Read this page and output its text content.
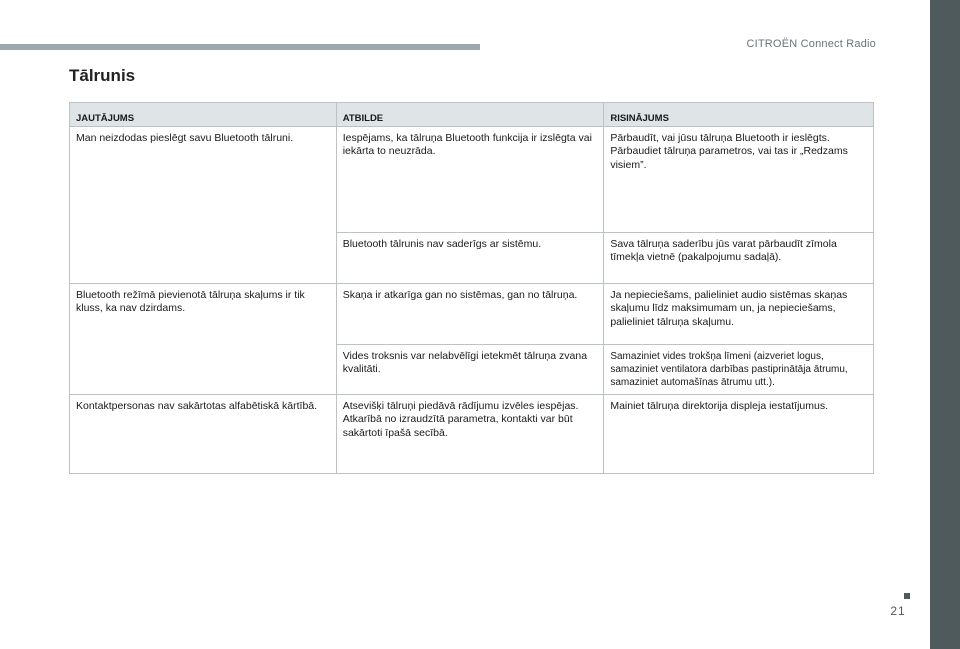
CITROËN Connect Radio
Tālrunis
JAUTĀJUMS	ATBILDE	RISINĀJUMS
Man neizdodas pieslēgt savu Bluetooth tālruni.	Iespējams, ka tālruņa Bluetooth funkcija ir izslēgta vai iekārta to neuzrāda.	Pārbaudīt, vai jūsu tālruņa Bluetooth ir ieslēgts. Pārbaudiet tālruņa parametros, vai tas ir „Redzams visiem”.
	Bluetooth tālrunis nav saderīgs ar sistēmu.	Sava tālruņa saderību jūs varat pārbaudīt zīmola tīmekļa vietnē (pakalpojumu sadaļā).
Bluetooth režīmā pievienotā tālruņa skaļums ir tik kluss, ka nav dzirdams.	Skaņa ir atkarīga gan no sistēmas, gan no tālruņa.	Ja nepieciešams, palieliniet audio sistēmas skaņas skaļumu līdz maksimumam un, ja nepieciešams, palieliniet tālruņa skaļumu.
	Vides troksnis var nelabvēlīgi ietekmēt tālruņa zvana kvalitāti.	Samaziniet vides trokšņa līmeni (aizveriet logus, samaziniet ventilatora darbības pastiprinātāja ātrumu, samaziniet automašīnas ātrumu utt.).
Kontaktpersonas nav sakārtotas alfabētiskā kārtībā.	Atsevišķi tālruņi piedāvā rādījumu izvēles iespējas. Atkarībā no izraudzītā parametra, kontakti var būt sakārtoti īpašā secībā.	Mainiet tālruņa direktorija displeja iestatījumus.
21
